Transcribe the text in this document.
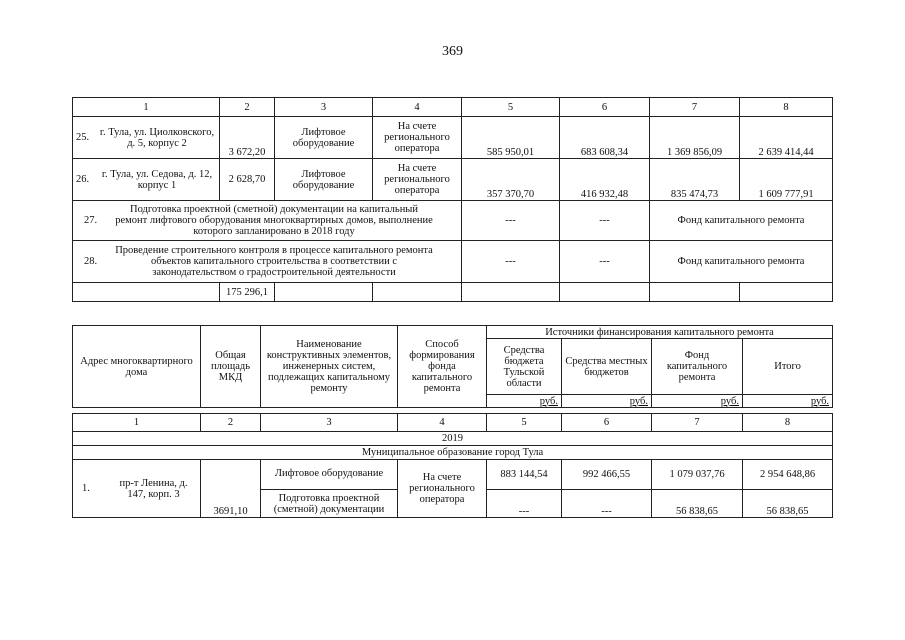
369
1	2	3	4	5	6	7	8

25. г. Тула, ул. Циолковского, д. 5, корпус 2	3 672,20	Лифтовое оборудование	На счете регионального оператора	585 950,01	683 608,34	1 369 856,09	2 639 414,44

26. г. Тула, ул. Седова, д. 12, корпус 1	2 628,70	Лифтовое оборудование	На счете регионального оператора	357 370,70	416 932,48	835 474,73	1 609 777,91

27.
Подготовка проектной (сметной) документации на капитальный ремонт лифтового оборудования многоквартирных домов, выполнение которого запланировано в 2018 году				---	---	Фонд капитального ремонта	

28.
Проведение строительного контроля в процессе капитального ремонта объектов капитального строительства в соответствии с законодательством о градостроительной деятельности				---	---	Фонд капитального ремонта	
	175 296,1						
Адрес многоквартирного дома	Общая площадь МКД	Наименование конструктивных элементов, инженерных систем, подлежащих капитальному ремонту	Способ формирования фонда капитального ремонта	Источники финансирования капитального ремонта			
				Средства бюджета Тульской области	Средства местных бюджетов	Фонд капитального ремонта	Итого
				руб.	руб.	руб.	руб.

1	2	3	4	5	6	7	8
2019							
Муниципальное образование город Тула							

1. пр-т Ленина, д. 147, корп. 3	3691,10	Лифтовое оборудование	На счете регионального оператора	883 144,54	992 466,55	1 079 037,76	2 954 648,86
		Подготовка проектной (сметной) документации		---	---	56 838,65	56 838,65
